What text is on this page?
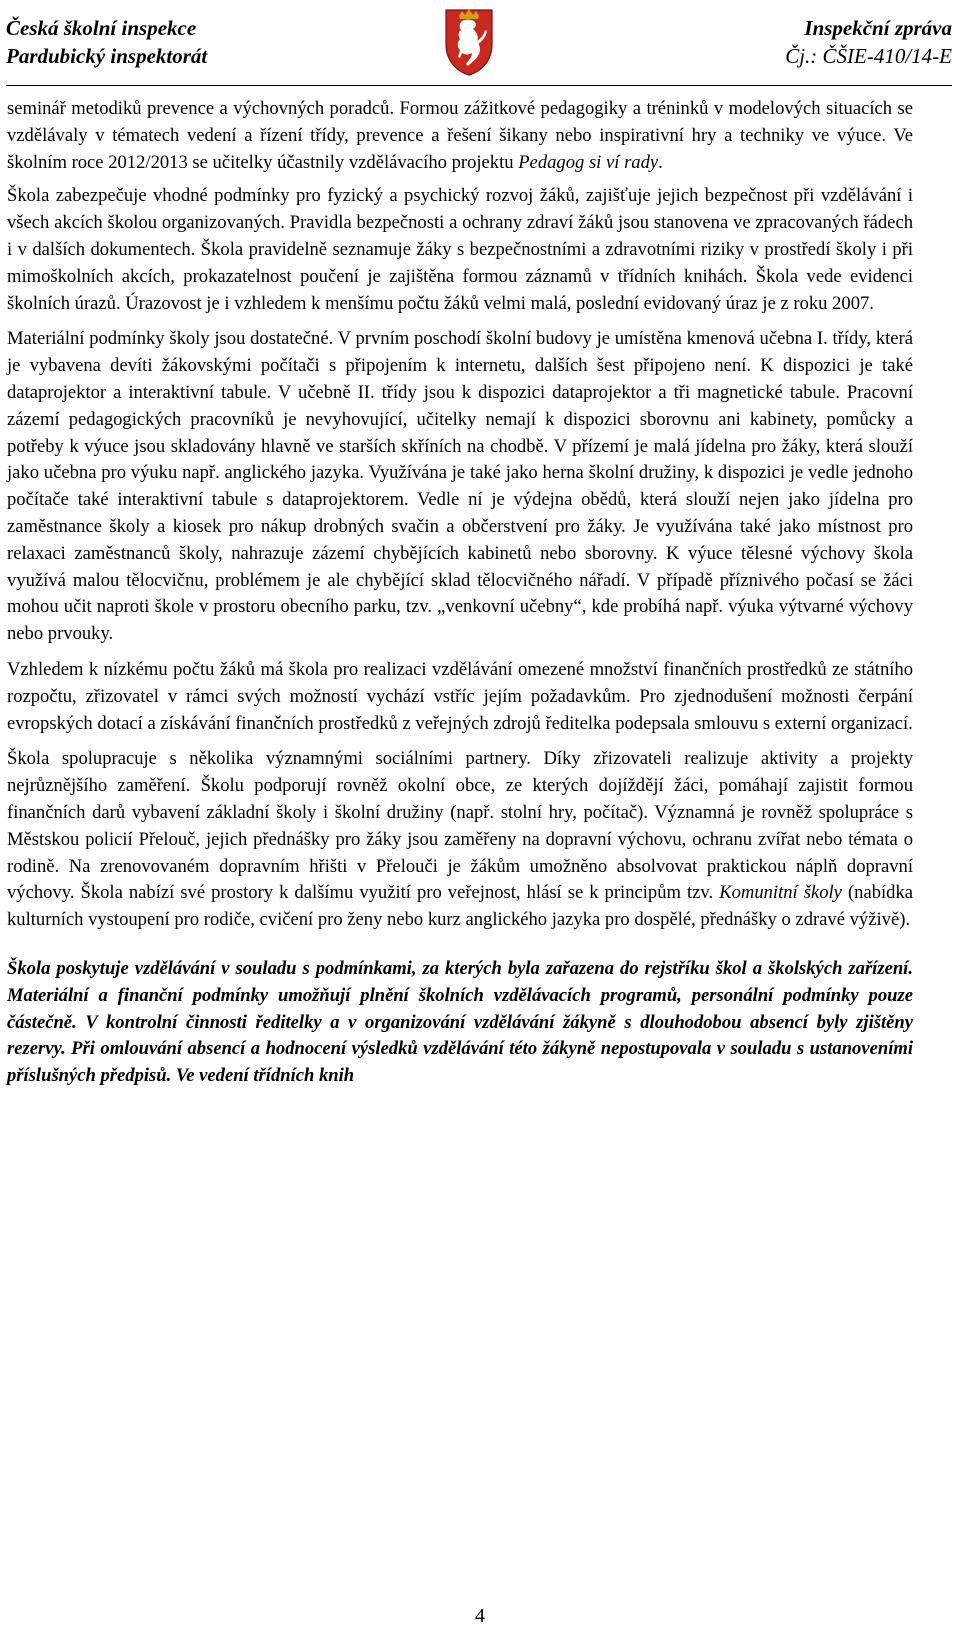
Česká školní inspekce
Pardubický inspektorát
Inspekční zpráva
Čj.: ČŠIE-410/14-E

seminář metodiků prevence a výchovných poradců. Formou zážitkové pedagogiky a tréninků v modelových situacích se vzdělávaly v tématech vedení a řízení třídy, prevence a řešení šikany nebo inspirativní hry a techniky ve výuce. Ve školním roce 2012/2013 se učitelky účastnily vzdělávacího projektu Pedagog si ví rady.

Škola zabezpečuje vhodné podmínky pro fyzický a psychický rozvoj žáků, zajišťuje jejich bezpečnost při vzdělávání i všech akcích školou organizovaných. Pravidla bezpečnosti a ochrany zdraví žáků jsou stanovena ve zpracovaných řádech i v dalších dokumentech. Škola pravidelně seznamuje žáky s bezpečnostními a zdravotními riziky v prostředí školy i při mimoškolních akcích, prokazatelnost poučení je zajištěna formou záznamů v třídních knihách. Škola vede evidenci školních úrazů. Úrazovost je i vzhledem k menšímu počtu žáků velmi malá, poslední evidovaný úraz je z roku 2007.

Materiální podmínky školy jsou dostatečné. V prvním poschodí školní budovy je umístěna kmenová učebna I. třídy, která je vybavena devíti žákovskými počítači s připojením k internetu, dalších šest připojeno není. K dispozici je také dataprojektor a interaktivní tabule. V učebně II. třídy jsou k dispozici dataprojektor a tři magnetické tabule. Pracovní zázemí pedagogických pracovníků je nevyhovující, učitelky nemají k dispozici sborovnu ani kabinety, pomůcky a potřeby k výuce jsou skladovány hlavně ve starších skříních na chodbě. V přízemí je malá jídelna pro žáky, která slouží jako učebna pro výuku např. anglického jazyka. Využívána je také jako herna školní družiny, k dispozici je vedle jednoho počítače také interaktivní tabule s dataprojektorem. Vedle ní je výdejna obědů, která slouží nejen jako jídelna pro zaměstnance školy a kiosek pro nákup drobných svačin a občerstvení pro žáky. Je využívána také jako místnost pro relaxaci zaměstnanců školy, nahrazuje zázemí chybějících kabinetů nebo sborovny. K výuce tělesné výchovy škola využívá malou tělocvičnu, problémem je ale chybějící sklad tělocvičného nářadí. V případě příznivého počasí se žáci mohou učit naproti škole v prostoru obecního parku, tzv. „venkovní učebny“, kde probíhá např. výuka výtvarné výchovy nebo prvouky.

Vzhledem k nízkému počtu žáků má škola pro realizaci vzdělávání omezené množství finančních prostředků ze státního rozpočtu, zřizovatel v rámci svých možností vychází vstříc jejím požadavkům. Pro zjednodušení možnosti čerpání evropských dotací a získávání finančních prostředků z veřejných zdrojů ředitelka podepsala smlouvu s externí organizací.

Škola spolupracuje s několika významnými sociálními partnery. Díky zřizovateli realizuje aktivity a projekty nejrůznějšího zaměření. Školu podporují rovněž okolní obce, ze kterých dojíždějí žáci, pomáhají zajistit formou finančních darů vybavení základní školy i školní družiny (např. stolní hry, počítač). Významná je rovněž spolupráce s Městskou policií Přelouč, jejich přednášky pro žáky jsou zaměřeny na dopravní výchovu, ochranu zvířat nebo témata o rodině. Na zrenovovaném dopravním hřišti v Přelouči je žákům umožněno absolvovat praktickou náplň dopravní výchovy. Škola nabízí své prostory k dalšímu využití pro veřejnost, hlásí se k principům tzv. Komunitní školy (nabídka kulturních vystoupení pro rodiče, cvičení pro ženy nebo kurz anglického jazyka pro dospělé, přednášky o zdravé výživě).

Škola poskytuje vzdělávání v souladu s podmínkami, za kterých byla zařazena do rejstříku škol a školských zařízení. Materiální a finanční podmínky umožňují plnění školních vzdělávacích programů, personální podmínky pouze částečně. V kontrolní činnosti ředitelky a v organizování vzdělávání žákyně s dlouhodobou absencí byly zjištěny rezervy. Při omlouvání absencí a hodnocení výsledků vzdělávání této žákyně nepostupovala v souladu s ustanoveními příslušných předpisů. Ve vedení třídních knih

4
